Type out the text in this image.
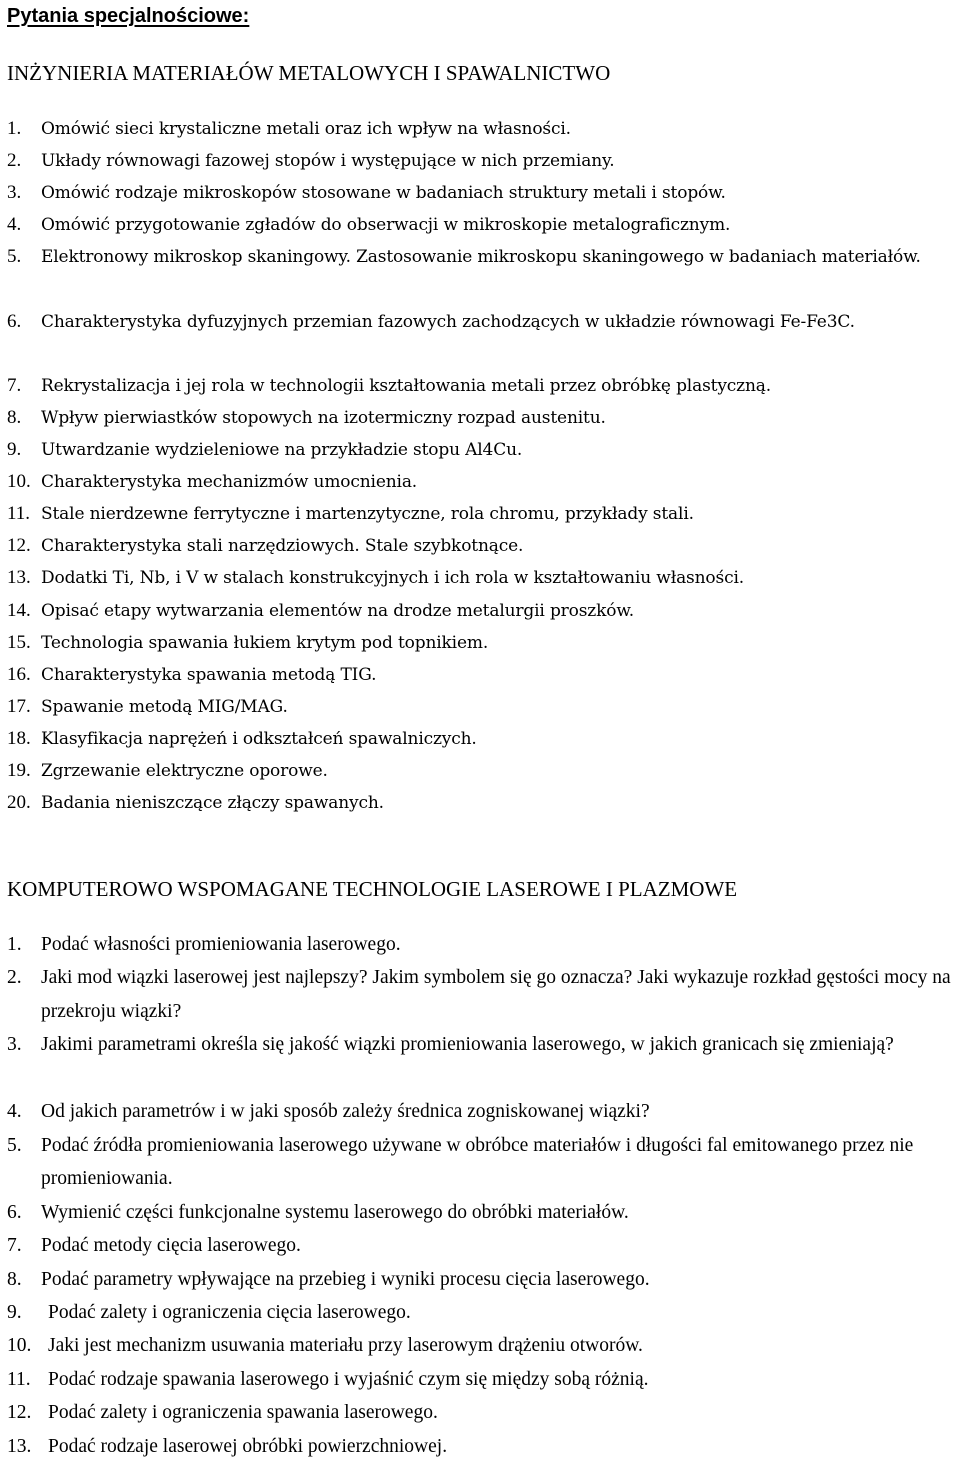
Pytania specjalnościowe:
INŻYNIERIA MATERIAŁÓW METALOWYCH I SPAWALNICTWO
1. Omówić sieci krystaliczne metali oraz ich wpływ na własności.
2. Układy równowagi fazowej stopów i występujące w nich przemiany.
3. Omówić rodzaje mikroskopów stosowane w badaniach struktury metali i stopów.
4. Omówić przygotowanie zgładów do obserwacji w mikroskopie metalograficznym.
5. Elektronowy mikroskop skaningowy. Zastosowanie mikroskopu skaningowego w badaniach materiałów.
6. Charakterystyka dyfuzyjnych przemian fazowych zachodzących w układzie równowagi Fe-Fe3C.
7. Rekrystalizacja i jej rola w technologii kształtowania metali przez obróbkę plastyczną.
8. Wpływ pierwiastków stopowych na izotermiczny rozpad austenitu.
9. Utwardzanie wydzieleniowe na przykładzie stopu Al4Cu.
10. Charakterystyka mechanizmów umocnienia.
11. Stale nierdzewne ferrytyczne i martenzytyczne, rola chromu, przykłady stali.
12. Charakterystyka stali narzędziowych. Stale szybkotnące.
13. Dodatki Ti, Nb, i V w stalach konstrukcyjnych i ich rola w kształtowaniu własności.
14. Opisać etapy wytwarzania elementów na drodze metalurgii proszków.
15. Technologia spawania łukiem krytym pod topnikiem.
16. Charakterystyka spawania metodą TIG.
17. Spawanie metodą MIG/MAG.
18. Klasyfikacja naprężeń i odkształceń spawalniczych.
19. Zgrzewanie elektryczne oporowe.
20. Badania nieniszczące złączy spawanych.
KOMPUTEROWO WSPOMAGANE TECHNOLOGIE LASEROWE I PLAZMOWE
1. Podać własności promieniowania laserowego.
2. Jaki mod wiązki laserowej jest najlepszy? Jakim symbolem się go oznacza? Jaki wykazuje rozkład gęstości mocy na przekroju wiązki?
3. Jakimi parametrami określa się jakość wiązki promieniowania laserowego, w jakich granicach się zmieniają?
4. Od jakich parametrów i w jaki sposób zależy średnica zogniskowanej wiązki?
5. Podać źródła promieniowania laserowego używane w obróbce materiałów i długości fal emitowanego przez nie promieniowania.
6. Wymienić części funkcjonalne systemu laserowego do obróbki materiałów.
7. Podać metody cięcia laserowego.
8. Podać parametry wpływające na przebieg i wyniki procesu cięcia laserowego.
9. Podać zalety i ograniczenia cięcia laserowego.
10. Jaki jest mechanizm usuwania materiału przy laserowym drążeniu otworów.
11. Podać rodzaje spawania laserowego i wyjaśnić czym się między sobą różnią.
12. Podać zalety i ograniczenia spawania laserowego.
13. Podać rodzaje laserowej obróbki powierzchniowej.
